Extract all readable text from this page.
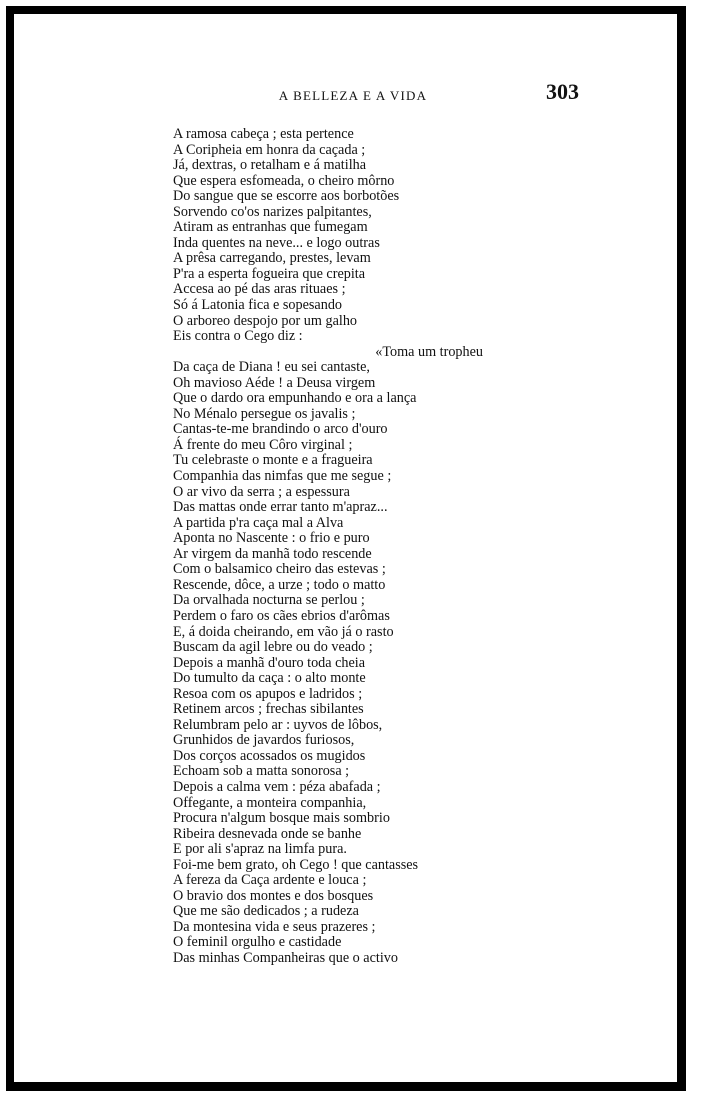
A BELLEZA E A VIDA	303
A ramosa cabeça ; esta pertence
A Coripheia em honra da caçada ;
Já, dextras, o retalham e á matilha
Que espera esfomeada, o cheiro môrno
Do sangue que se escorre aos borbotões
Sorvendo co'os narizes palpitantes,
Atiram as entranhas que fumegam
Inda quentes na neve... e logo outras
A prêsa carregando, prestes, levam
P'ra a esperta fogueira que crepita
Accesa ao pé das aras rituaes ;
Só á Latonia fica e sopesando
O arboreo despojo por um galho
Eis contra o Cego diz :
«Toma um tropheu
Da caça de Diana ! eu sei cantaste,
Oh mavioso Aéde ! a Deusa virgem
Que o dardo ora empunhando e ora a lança
No Ménalo persegue os javalis ;
Cantas-te-me brandindo o arco d'ouro
Á frente do meu Côro virginal ;
Tu celebraste o monte e a fragueira
Companhia das nimfas que me segue ;
O ar vivo da serra ; a espessura
Das mattas onde errar tanto m'apraz...
A partida p'ra caça mal a Alva
Aponta no Nascente : o frio e puro
Ar virgem da manhã todo rescende
Com o balsamico cheiro das estevas ;
Rescende, dôce, a urze ; todo o matto
Da orvalhada nocturna se perlou ;
Perdem o faro os cães ebrios d'arômas
E, á doida cheirando, em vão já o rasto
Buscam da agil lebre ou do veado ;
Depois a manhã d'ouro toda cheia
Do tumulto da caça : o alto monte
Resoa com os apupos e ladridos ;
Retinem arcos ; frechas sibilantes
Relumbram pelo ar : uyvos de lôbos,
Grunhidos de javardos furiosos,
Dos corços acossados os mugidos
Echoam sob a matta sonorosa ;
Depois a calma vem : péza abafada ;
Offegante, a monteira companhia,
Procura n'algum bosque mais sombrio
Ribeira desnevada onde se banhe
E por ali s'apraz na limfa pura.
Foi-me bem grato, oh Cego ! que cantasses
A fereza da Caça ardente e louca ;
O bravio dos montes e dos bosques
Que me são dedicados ; a rudeza
Da montesina vida e seus prazeres ;
O feminil orgulho e castidade
Das minhas Companheiras que o activo
